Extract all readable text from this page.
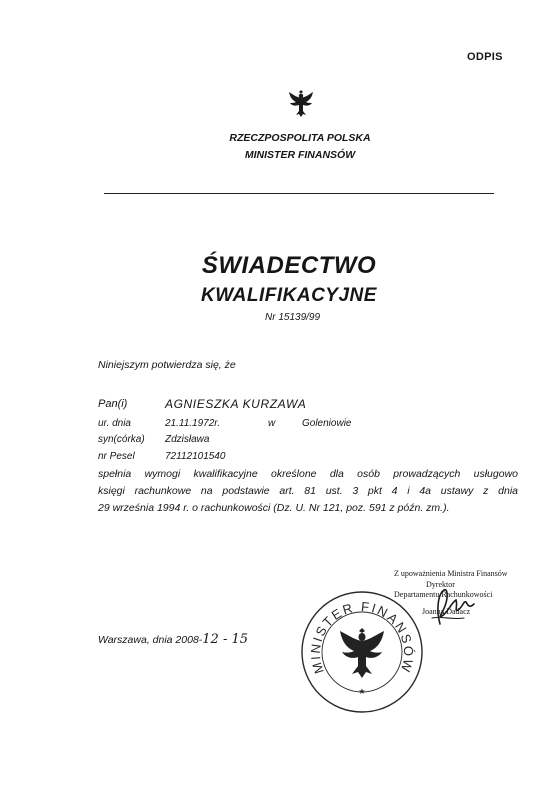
ODPIS
RZECZPOSPOLITA POLSKA
MINISTER FINANSÓW
ŚWIADECTWO
KWALIFIKACYJNE
Nr 15139/99
Niniejszym potwierdza się, że
Pan(i)	AGNIESZKA KURZAWA
ur. dnia	21.11.1972r.	w	Goleniowie
syn(córka) Zdzisława
nr Pesel	72112101540
spełnia wymogi kwalifikacyjne określone dla osób prowadzących usługowo
księgi rachunkowe na podstawie art. 81 ust. 3 pkt 4 i 4a ustawy z dnia
29 września 1994 r. o rachunkowości (Dz. U. Nr 121, poz. 591 z późn. zm.).
MINISTER FINANSÓW
★
Warszawa, dnia 2008-12 - 15
Z upoważnienia Ministra Finansów
Dyrektor
Departamentu Rachunkowości
Joanna Dadacz
